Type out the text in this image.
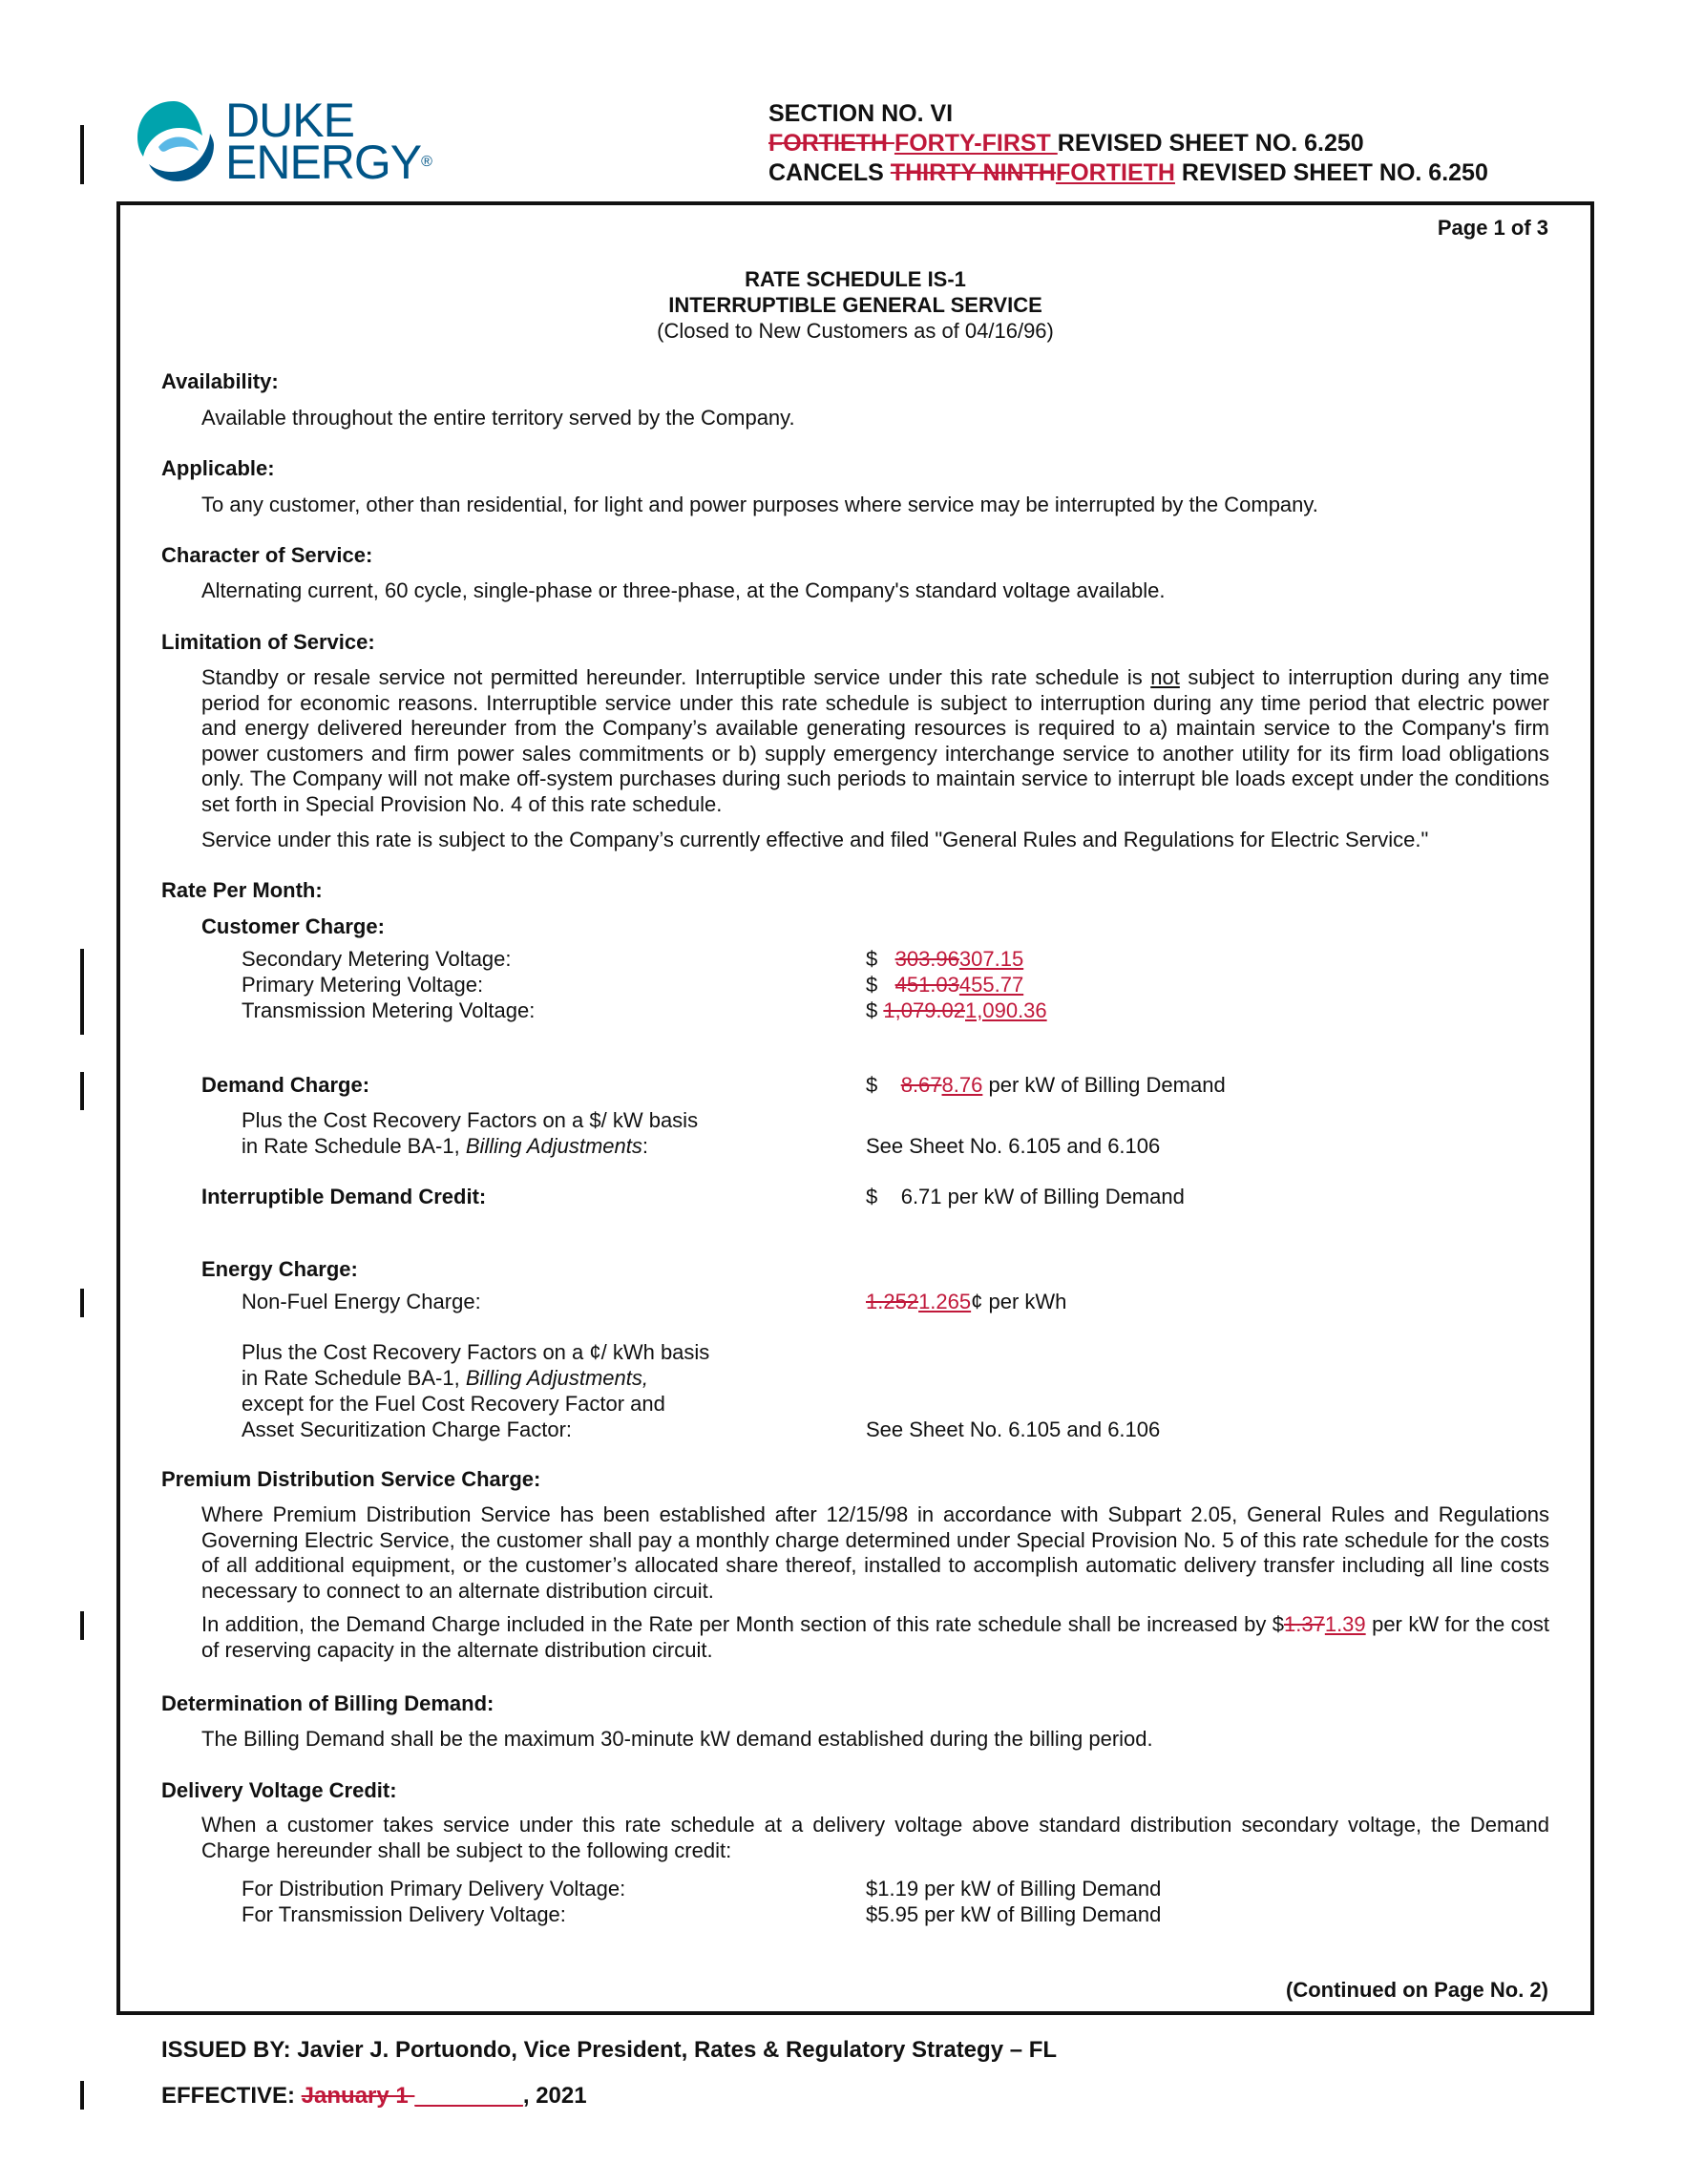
DUKE
ENERGY®
SECTION NO. VI
FORTIETH FORTY-FIRST REVISED SHEET NO. 6.250
CANCELS THIRTY NINTHFORTIETH REVISED SHEET NO. 6.250
Page 1 of 3
RATE SCHEDULE IS-1
INTERRUPTIBLE GENERAL SERVICE
(Closed to New Customers as of 04/16/96)
Availability:
Available throughout the entire territory served by the Company.
Applicable:
To any customer, other than residential, for light and power purposes where service may be interrupted by the Company.
Character of Service:
Alternating current, 60 cycle, single-phase or three-phase, at the Company's standard voltage available.
Limitation of Service:
Standby or resale service not permitted hereunder. Interruptible service under this rate schedule is not subject to interruption during any time period for economic reasons. Interruptible service under this rate schedule is subject to interruption during any time period that electric power and energy delivered hereunder from the Company’s available generating resources is required to a) maintain service to the Company's firm power customers and firm power sales commitments or b) supply emergency interchange service to another utility for its firm load obligations only. The Company will not make off-system purchases during such periods to maintain service to interrupt ble loads except under the conditions set forth in Special Provision No. 4 of this rate schedule.
Service under this rate is subject to the Company’s currently effective and filed "General Rules and Regulations for Electric Service."
Rate Per Month:
Customer Charge:
Secondary Metering Voltage:	$ 303.96307.15
Primary Metering Voltage:	$ 451.03455.77
Transmission Metering Voltage:	$ 1,079.021,090.36
Demand Charge:	$ 8.678.76 per kW of Billing Demand
Plus the Cost Recovery Factors on a $/ kW basis
in Rate Schedule BA-1, Billing Adjustments:	See Sheet No. 6.105 and 6.106
Interruptible Demand Credit:	$ 6.71 per kW of Billing Demand
Energy Charge:
Non-Fuel Energy Charge:	1.2521.265¢ per kWh
Plus the Cost Recovery Factors on a ¢/ kWh basis
in Rate Schedule BA-1, Billing Adjustments,
except for the Fuel Cost Recovery Factor and
Asset Securitization Charge Factor:	See Sheet No. 6.105 and 6.106
Premium Distribution Service Charge:
Where Premium Distribution Service has been established after 12/15/98 in accordance with Subpart 2.05, General Rules and Regulations Governing Electric Service, the customer shall pay a monthly charge determined under Special Provision No. 5 of this rate schedule for the costs of all additional equipment, or the customer’s allocated share thereof, installed to accomplish automatic delivery transfer including all line costs necessary to connect to an alternate distribution circuit.
In addition, the Demand Charge included in the Rate per Month section of this rate schedule shall be increased by $1.371.39 per kW for the cost of reserving capacity in the alternate distribution circuit.
Determination of Billing Demand:
The Billing Demand shall be the maximum 30-minute kW demand established during the billing period.
Delivery Voltage Credit:
When a customer takes service under this rate schedule at a delivery voltage above standard distribution secondary voltage, the Demand Charge hereunder shall be subject to the following credit:
For Distribution Primary Delivery Voltage:	$1.19 per kW of Billing Demand
For Transmission Delivery Voltage:	$5.95 per kW of Billing Demand
(Continued on Page No. 2)
ISSUED BY: Javier J. Portuondo, Vice President, Rates & Regulatory Strategy – FL
EFFECTIVE: January 1 ______ __, 2021
